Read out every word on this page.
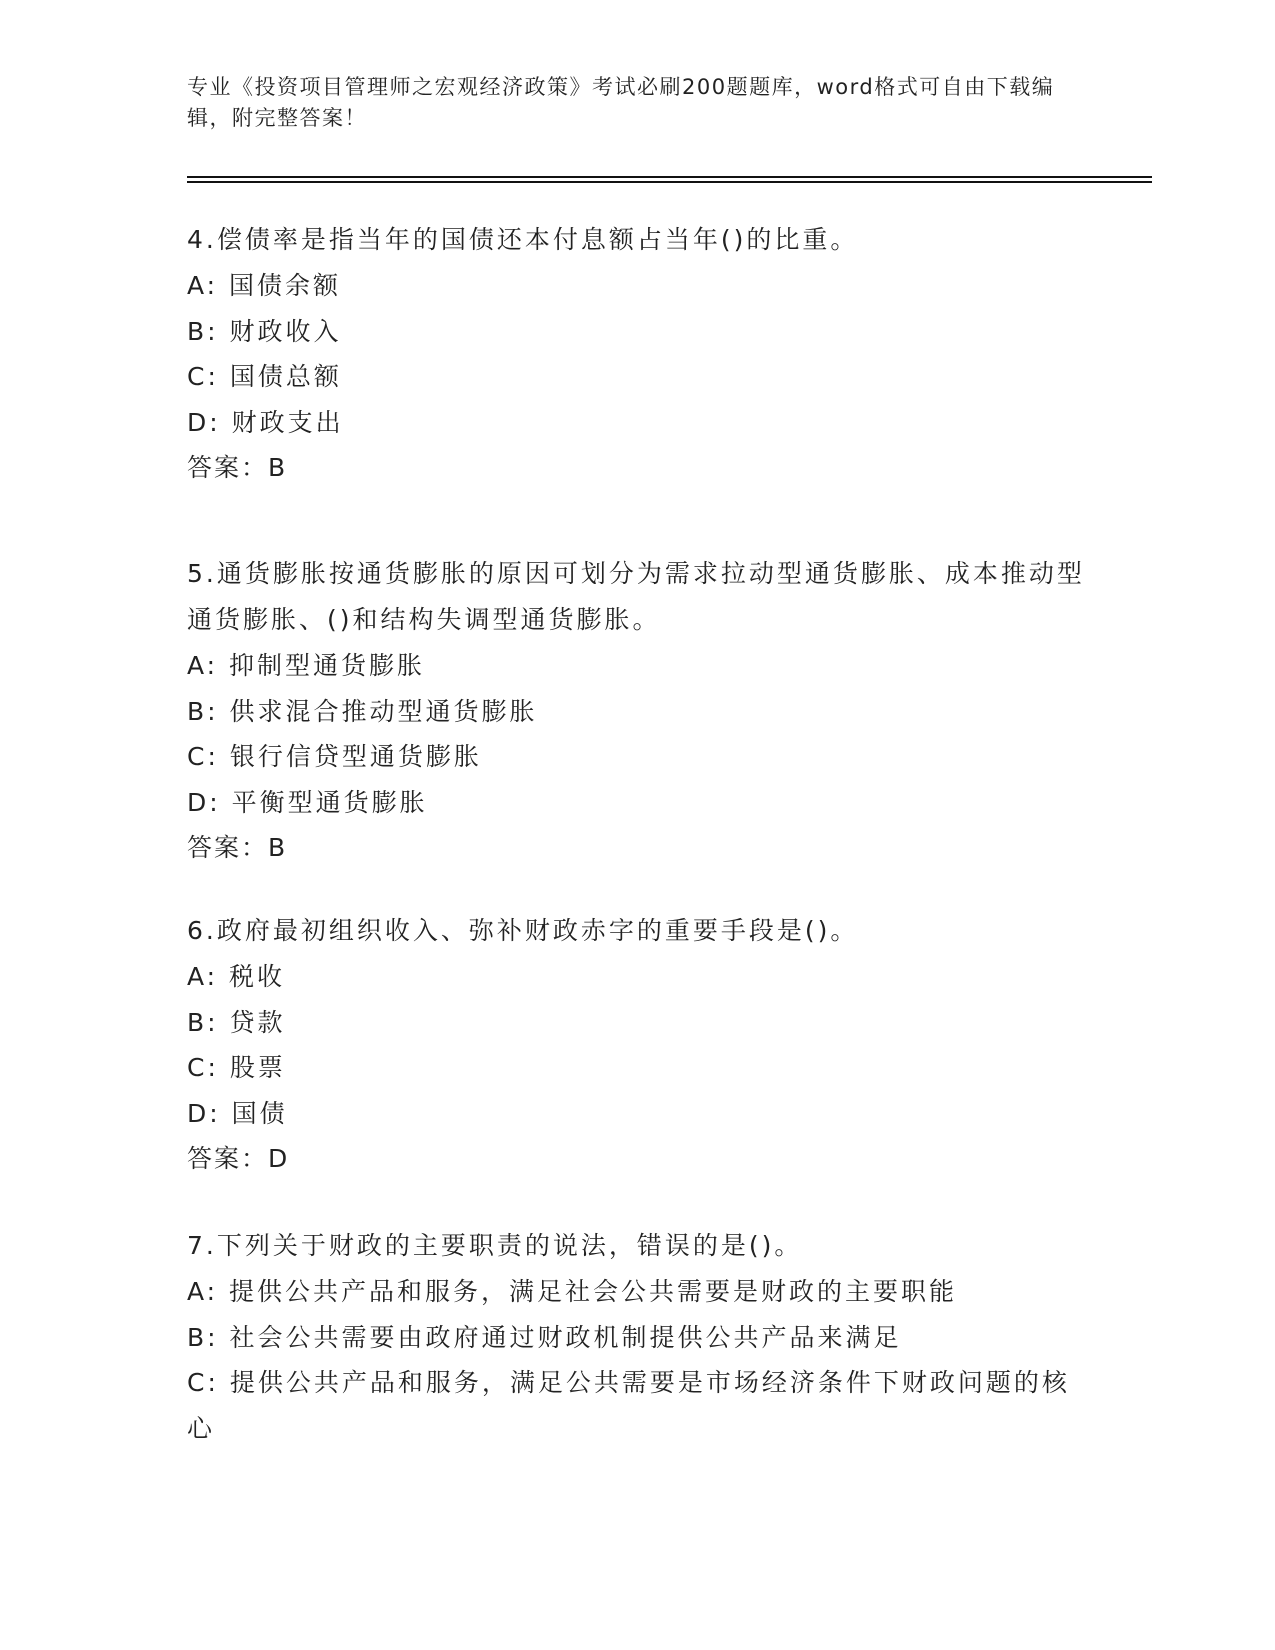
专业《投资项目管理师之宏观经济政策》考试必刷200题题库，word格式可自由下载编辑，附完整答案！

4.偿债率是指当年的国债还本付息额占当年()的比重。

A: 国债余额

B: 财政收入

C: 国债总额

D: 财政支出

答案：B

5.通货膨胀按通货膨胀的原因可划分为需求拉动型通货膨胀、成本推动型通货膨胀、()和结构失调型通货膨胀。

A: 抑制型通货膨胀

B: 供求混合推动型通货膨胀

C: 银行信贷型通货膨胀

D: 平衡型通货膨胀

答案：B

6.政府最初组织收入、弥补财政赤字的重要手段是()。

A: 税收

B: 贷款

C: 股票

D: 国债

答案：D

7.下列关于财政的主要职责的说法，错误的是()。

A: 提供公共产品和服务，满足社会公共需要是财政的主要职能

B: 社会公共需要由政府通过财政机制提供公共产品来满足

C: 提供公共产品和服务，满足公共需要是市场经济条件下财政问题的核心
